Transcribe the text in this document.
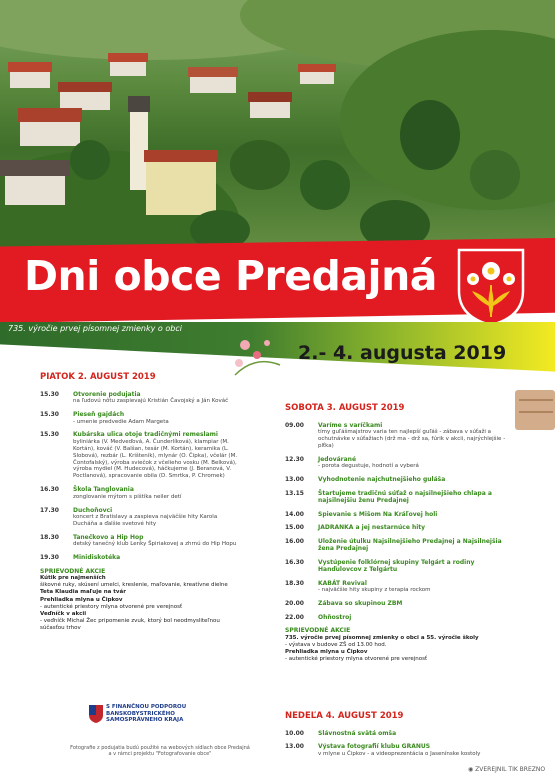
Dni obce Predajná
735. výročie prvej písomnej zmienky o obci
2.- 4. augusta 2019
PIATOK 2. AUGUST 2019
15.30	Otvorenie podujatia
na ľudovú nôtu zaspievajú Kristián Čavojský a Ján Kováč
15.30	Pieseň gajdách
- umenie predvedie Adam Margeta
15.30	Kubárska ulica otoje tradičnými remeslami
byliniárka (V. Medveďová, A. Čunderlíková), klampiar (M. Kortán), kováč (V. Balšan, tesár (M. Kortán), keramika (L. Slobová), rezbár (L. Krišteník), mlynár (O. Čipka), včelár (M. Čontofalský), výroba sviečok z včelieho vosku (M. Belková), výroba mydiel (M. Hudecová), háčkujeme (J. Beranová, V. Poctlanová), spracovanie obila (D. Smrtka, P. Chromek)
16.30	Škola Tanglovania
zonglovanie mýtom s pištíka neiler detí
17.30	Duchoňovci
koncert z Bratislavy a zaspieva najväčšie hity Karola Ducháňa a ďalšie svetové hity
18.30	Tanečkovo a Hip Hop
detský tanečný klub Lenky Špiriakovej a zhrnú do Hip Hopu
19.30	Minidiskotéka
SPRIEVODNÉ AKCIE
Kútik pre najmenších
šikovné ruky, skúsení umelci, kreslenie, maľovanie, kreatívne dielne
Teta Klaudia maľuje na tvár
Prehliadka mlyna u Čipkov
- autentické priestory mlyna otvorené pre verejnosť
Veďníčk v akcii
- veďníčk Michal Žec pripomenie zvuk, ktorý bol neodmysliteľnou súčasťou trhov
SOBOTA 3. AUGUST 2019
09.00	Varíme s varíčkami
tímy guľášmajstrov varia ten najlepší guľáš - zábava v súťaži a ochutnávke v súťažiach (drž ma - drž sa, fúrik v akcii, najrýchlejšie - plťka)
12.30	Jedovárané
- porota degustuje, hodnotí a vyberá
13.00	Vyhodnotenie najchutnejšieho guláša
13.15	Štartujeme tradičnú súťaž o najsilnejšieho chlapa a najsilnejšiu ženu Predajnej
14.00	Spievanie s Mišom Na Kráľovej holi
15.00	JADRANKA a jej nestarnúce hity
16.00	Uloženie útulku Najsilnejšieho Predajnej a Najsilnejšia žena Predajnej
16.30	Vystúpenie folklórnej skupiny Telgárt a rodiny Hanďulovcov z Telgártu
18.30	KABÁT Revival
- najväčšie hity skupiny z terapia rockom
20.00	Zábava so skupinou ZBM
22.00	Ohňostroj
SPRIEVODNÉ AKCIE
735. výročie prvej písomnej zmienky o obci a 55. výročie školy
- výstava v budove ZŠ od 13.00 hod.
Prehliadka mlyna u Čipkov
- autentické priestory mlyna otvorené pre verejnosť
NEDEĽA 4. AUGUST 2019
10.00	Slávnostná svätá omša
13.00	Výstava fotografií klubu GRANUS
v mlyne u Čipkov - a videoprezentácia o Jasenínske kostoly
S FINANČNOU PODPOROU
BANSKOBYSTRICKÉHO
SAMOSPRÁVNEHO KRAJA
Fotografie z podujatia budú použité na webových sídlach obce Predajná a v rámci projektu "Fotografovanie obce"
◉ ZVEREJNIL TIK BREZNO
